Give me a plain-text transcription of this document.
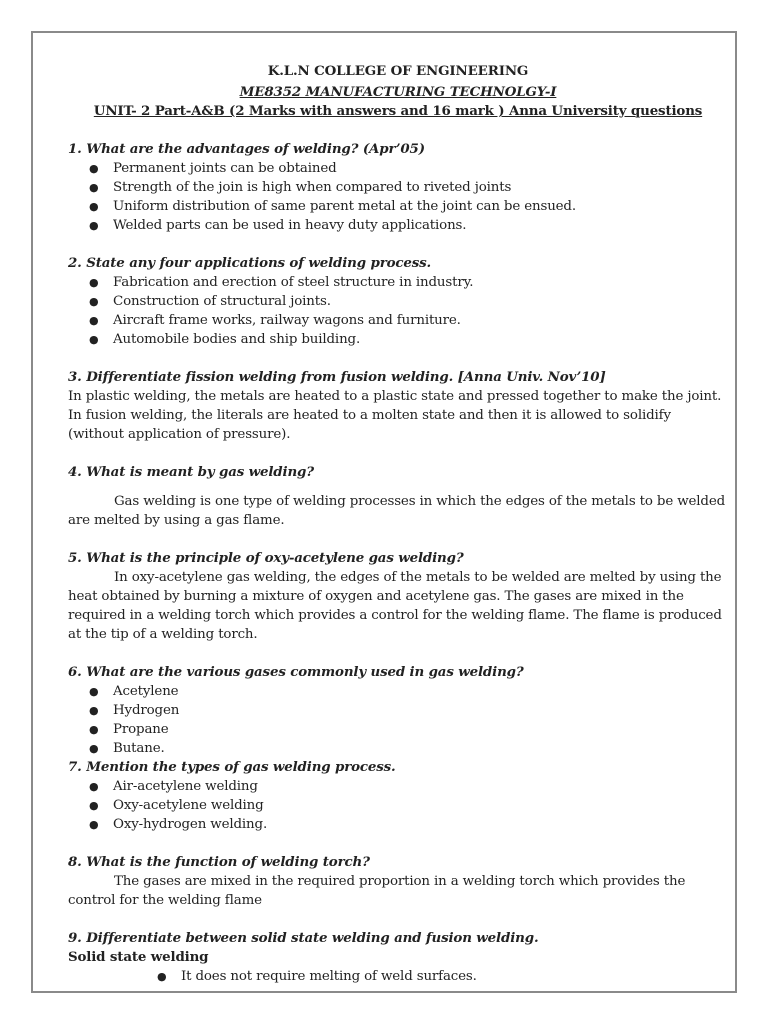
K.L.N COLLEGE OF ENGINEERING

ME8352 MANUFACTURING TECHNOLGY-I

UNIT- 2 Part-A&B (2 Marks with answers and 16 mark ) Anna University questions

1. What are the advantages of welding? (Apr’05)

● Permanent joints can be obtained
● Strength of the join is high when compared to riveted joints
● Uniform distribution of same parent metal at the joint can be ensued.
● Welded parts can be used in heavy duty applications.

2. State any four applications of welding process.

● Fabrication and erection of steel structure in industry.
● Construction of structural joints.
● Aircraft frame works, railway wagons and furniture.
● Automobile bodies and ship building.

3. Differentiate fission welding from fusion welding. [Anna Univ. Nov’10]

In plastic welding, the metals are heated to a plastic state and pressed together to make the joint.

In fusion welding, the literals are heated to a molten state and then it is allowed to solidify (without application of pressure).

4. What is meant by gas welding?

Gas welding is one type of welding processes in which the edges of the metals to be welded are melted by using a gas flame.

5. What is the principle of oxy-acetylene gas welding?

In oxy-acetylene gas welding, the edges of the metals to be welded are melted by using the heat obtained by burning a mixture of oxygen and acetylene gas. The gases are mixed in the required in a welding torch which provides a control for the welding flame. The flame is produced at the tip of a welding torch.

6. What are the various gases commonly used in gas welding?

● Acetylene
● Hydrogen
● Propane
● Butane.

7. Mention the types of gas welding process.

● Air-acetylene welding
● Oxy-acetylene welding
● Oxy-hydrogen welding.

8. What is the function of welding torch?

The gases are mixed in the required proportion in a welding torch which provides the control for the welding flame

9. Differentiate between solid state welding and fusion welding.

Solid state welding

● It does not require melting of weld surfaces.
